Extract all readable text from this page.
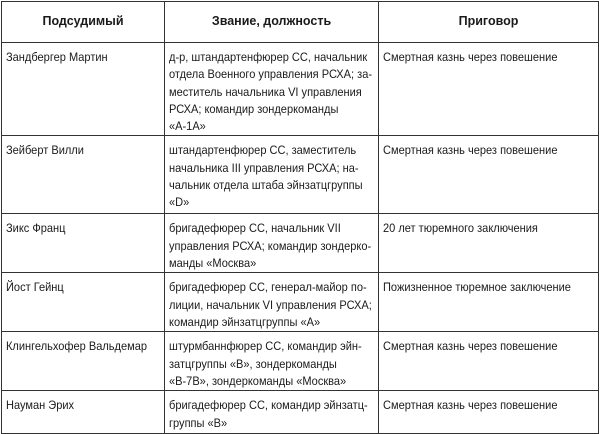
Подсудимый	Звание, должность	Приговор

Зандбергер Мартин	д-р, штандартенфюрер СС, начальник
отдела Военного управления РСХА; за-
меститель начальника VI управления
РСХА; командир зондеркоманды
«А-1А»	Смертная казнь через повешение

Зейберт Вилли	штандартенфюрер СС, заместитель
начальника III управления РСХА; на-
чальник отдела штаба эйнзатцгруппы
«D»	Смертная казнь через повешение

Зикс Франц	бригадефюрер СС, начальник VII
управления РСХА; командир зондерко-
манды «Москва»	20 лет тюремного заключения

Йост Гейнц	бригадефюрер СС, генерал-майор по-
лиции, начальник VI управления РСХА;
командир эйнзатцгруппы «А»	Пожизненное тюремное заключение

Клингельхофер Вальдемар	штурмбаннфюрер СС, командир эйн-
затцгруппы «В», зондеркоманды
«В-7В», зондеркоманды «Москва»	Смертная казнь через повешение

Науман Эрих	бригадефюрер СС, командир эйнзатц-
группы «В»	Смертная казнь через повешение
